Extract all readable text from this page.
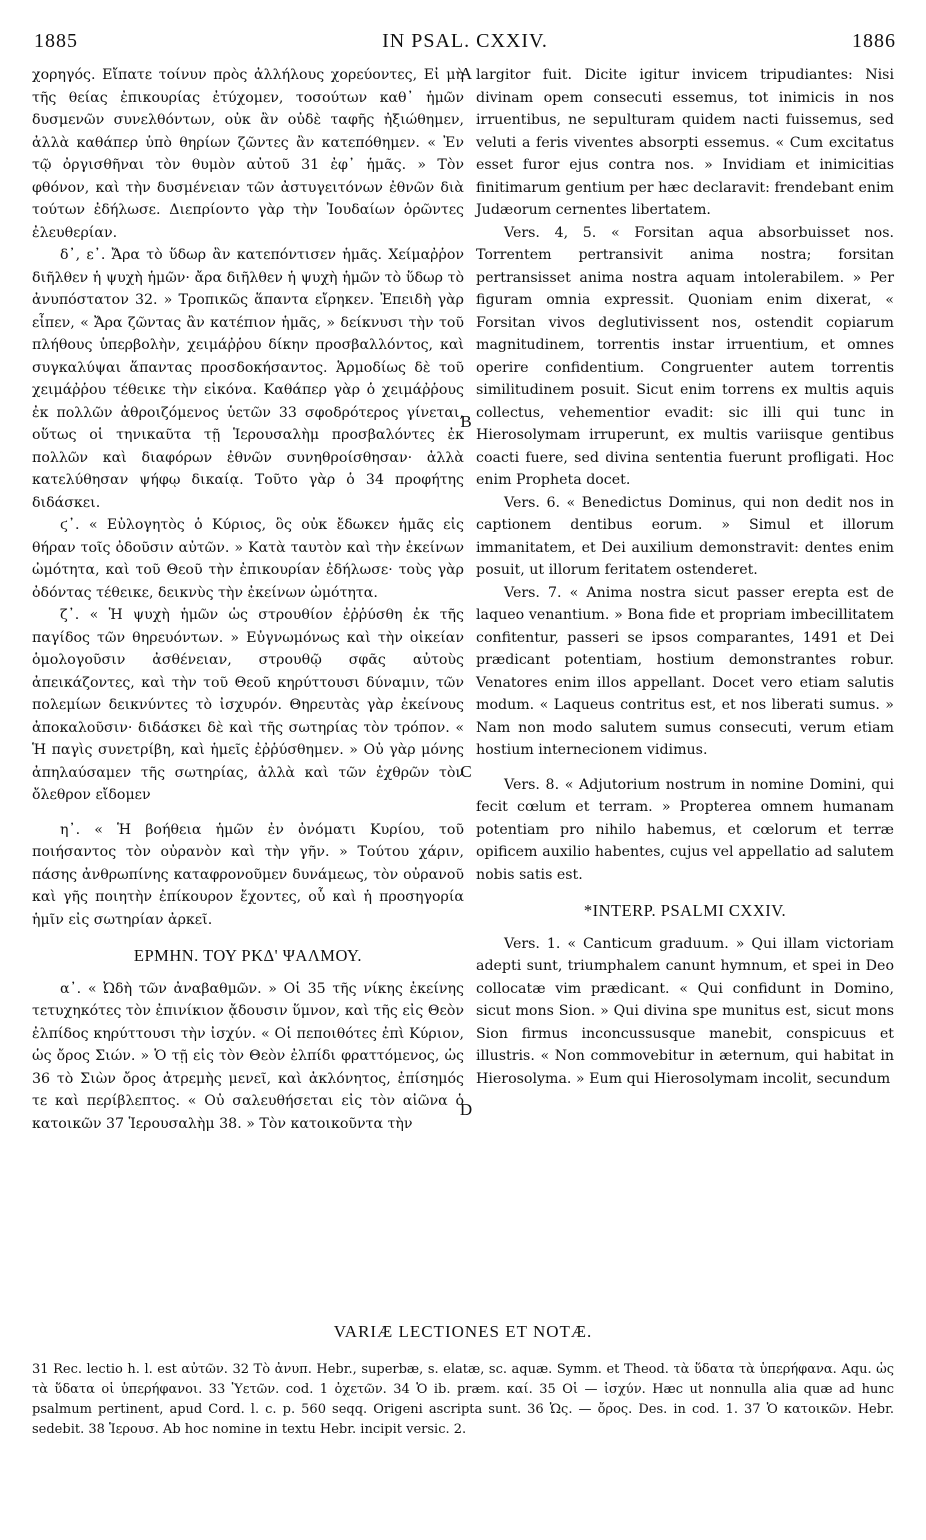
1885	IN PSAL. CXXIV.	1886
A
B
C
D

χορηγός. Εἴπατε τοίνυν πρὸς ἀλλήλους χορεύοντες, Εἰ μὴ τῆς θείας ἐπικουρίας ἐτύχομεν, τοσούτων καθ᾽ ἡμῶν δυσμενῶν συνελθόντων, οὐκ ἂν οὐδὲ ταφῆς ἠξιώθημεν, ἀλλὰ καθάπερ ὑπὸ θηρίων ζῶντες ἂν κατεπόθημεν. « Ἐν τῷ ὀργισθῆναι τὸν θυμὸν αὐτοῦ 31 ἐφ᾽ ἡμᾶς. » Τὸν φθόνον, καὶ τὴν δυσμένειαν τῶν ἀστυγειτόνων ἐθνῶν διὰ τούτων ἐδήλωσε. Διεπρίοντο γὰρ τὴν Ἰουδαίων ὁρῶντες ἐλευθερίαν.

δ᾽, ε᾽. Ἄρα τὸ ὕδωρ ἂν κατεπόντισεν ἡμᾶς. Χείμαῤῥον διῆλθεν ἡ ψυχὴ ἡμῶν· ἄρα διῆλθεν ἡ ψυχὴ ἡμῶν τὸ ὕδωρ τὸ ἀνυπόστατον 32. » Τροπικῶς ἅπαντα εἴρηκεν. Ἐπειδὴ γὰρ εἶπεν, « Ἄρα ζῶντας ἂν κατέπιον ἡμᾶς, » δείκνυσι τὴν τοῦ πλήθους ὑπερβολὴν, χειμάῤῥου δίκην προσβαλλόντος, καὶ συγκαλύψαι ἅπαντας προσδοκήσαντος. Ἁρμοδίως δὲ τοῦ χειμάῤῥου τέθεικε τὴν εἰκόνα. Καθάπερ γὰρ ὁ χειμάῤῥους ἐκ πολλῶν ἀθροιζόμενος ὑετῶν 33 σφοδρότερος γίνεται, οὕτως οἱ τηνικαῦτα τῇ Ἱερουσαλὴμ προσβαλόντες ἐκ πολλῶν καὶ διαφόρων ἐθνῶν συνηθροίσθησαν· ἀλλὰ κατελύθησαν ψήφῳ δικαίᾳ. Τοῦτο γὰρ ὁ 34 προφήτης διδάσκει.

ϛ᾽. « Εὐλογητὸς ὁ Κύριος, ὃς οὐκ ἔδωκεν ἡμᾶς εἰς θήραν τοῖς ὀδοῦσιν αὐτῶν. » Κατὰ ταυτὸν καὶ τὴν ἐκείνων ὠμότητα, καὶ τοῦ Θεοῦ τὴν ἐπικουρίαν ἐδήλωσε· τοὺς γὰρ ὀδόντας τέθεικε, δεικνὺς τὴν ἐκείνων ὠμότητα.

ζ᾽. « Ἡ ψυχὴ ἡμῶν ὡς στρουθίον ἐῤῥύσθη ἐκ τῆς παγίδος τῶν θηρευόντων. » Εὐγνωμόνως καὶ τὴν οἰκείαν ὁμολογοῦσιν ἀσθένειαν, στρουθῷ σφᾶς αὐτοὺς ἀπεικάζοντες, καὶ τὴν τοῦ Θεοῦ κηρύττουσι δύναμιν, τῶν πολεμίων δεικνύντες τὸ ἰσχυρόν. Θηρευτὰς γὰρ ἐκείνους ἀποκαλοῦσιν· διδάσκει δὲ καὶ τῆς σωτηρίας τὸν τρόπον. « Ἡ παγὶς συνετρίβη, καὶ ἡμεῖς ἐῤῥύσθημεν. » Οὐ γὰρ μόνης ἀπηλαύσαμεν τῆς σωτηρίας, ἀλλὰ καὶ τῶν ἐχθρῶν τὸν ὄλεθρον εἴδομεν

η᾽. « Ἡ βοήθεια ἡμῶν ἐν ὀνόματι Κυρίου, τοῦ ποιήσαντος τὸν οὐρανὸν καὶ τὴν γῆν. » Τούτου χάριν, πάσης ἀνθρωπίνης καταφρονοῦμεν δυνάμεως, τὸν οὐρανοῦ καὶ γῆς ποιητὴν ἐπίκουρον ἔχοντες, οὗ καὶ ἡ προσηγορία ἡμῖν εἰς σωτηρίαν ἀρκεῖ.

ΕΡΜΗΝ. ΤΟΥ ΡΚΔ' ΨΑΛΜΟΥ.

α᾽. « Ὠδὴ τῶν ἀναβαθμῶν. » Οἱ 35 τῆς νίκης ἐκείνης τετυχηκότες τὸν ἐπινίκιον ᾄδουσιν ὕμνον, καὶ τῆς εἰς Θεὸν ἐλπίδος κηρύττουσι τὴν ἰσχύν. « Οἱ πεποιθότες ἐπὶ Κύριον, ὡς ὄρος Σιών. » Ὁ τῇ εἰς τὸν Θεὸν ἐλπίδι φραττόμενος, ὡς 36 τὸ Σιὼν ὄρος ἀτρεμὴς μενεῖ, καὶ ἀκλόνητος, ἐπίσημός τε καὶ περίβλεπτος. « Οὐ σαλευθήσεται εἰς τὸν αἰῶνα ὁ κατοικῶν 37 Ἱερουσαλὴμ 38. » Τὸν κατοικοῦντα τὴν

largitor fuit. Dicite igitur invicem tripudiantes: Nisi divinam opem consecuti essemus, tot inimicis in nos irruentibus, ne sepulturam quidem nacti fuissemus, sed veluti a feris viventes absorpti essemus. « Cum excitatus esset furor ejus contra nos. » Invidiam et inimicitias finitimarum gentium per hæc declaravit: frendebant enim Judæorum cernentes libertatem.

Vers. 4, 5. « Forsitan aqua absorbuisset nos. Torrentem pertransivit anima nostra; forsitan pertransisset anima nostra aquam intolerabilem. » Per figuram omnia expressit. Quoniam enim dixerat, « Forsitan vivos deglutivissent nos, ostendit copiarum magnitudinem, torrentis instar irruentium, et omnes operire confidentium. Congruenter autem torrentis similitudinem posuit. Sicut enim torrens ex multis aquis collectus, vehementior evadit: sic illi qui tunc in Hierosolymam irruperunt, ex multis variisque gentibus coacti fuere, sed divina sententia fuerunt profligati. Hoc enim Propheta docet.

Vers. 6. « Benedictus Dominus, qui non dedit nos in captionem dentibus eorum. » Simul et illorum immanitatem, et Dei auxilium demonstravit: dentes enim posuit, ut illorum feritatem ostenderet.

Vers. 7. « Anima nostra sicut passer erepta est de laqueo venantium. » Bona fide et propriam imbecillitatem confitentur, passeri se ipsos comparantes, 1491 et Dei prædicant potentiam, hostium demonstrantes robur. Venatores enim illos appellant. Docet vero etiam salutis modum. « Laqueus contritus est, et nos liberati sumus. » Nam non modo salutem sumus consecuti, verum etiam hostium internecionem vidimus.

Vers. 8. « Adjutorium nostrum in nomine Domini, qui fecit cœlum et terram. » Propterea omnem humanam potentiam pro nihilo habemus, et cœlorum et terræ opificem auxilio habentes, cujus vel appellatio ad salutem nobis satis est.

*INTERP. PSALMI CXXIV.

Vers. 1. « Canticum graduum. » Qui illam victoriam adepti sunt, triumphalem canunt hymnum, et spei in Deo collocatæ vim prædicant. « Qui confidunt in Domino, sicut mons Sion. » Qui divina spe munitus est, sicut mons Sion firmus inconcussusque manebit, conspicuus et illustris. « Non commovebitur in æternum, qui habitat in Hierosolyma. » Eum qui Hierosolymam incolit, secundum

VARIÆ LECTIONES ET NOTÆ.

31 Rec. lectio h. l. est αὐτῶν. 32 Τὸ ἀνυπ. Hebr., superbæ, s. elatæ, sc. aquæ. Symm. et Theod. τὰ ὕδατα τὰ ὑπερήφανα. Aqu. ὡς τὰ ὕδατα οἱ ὑπερήφανοι. 33 Ὑετῶν. cod. 1 ὀχετῶν. 34 Ὁ ib. præm. καί. 35 Οἱ — ἰσχύν. Hæc ut nonnulla alia quæ ad hunc psalmum pertinent, apud Cord. l. c. p. 560 seqq. Origeni ascripta sunt. 36 Ὡς. — ὄρος. Des. in cod. 1. 37 Ὁ κατοικῶν. Hebr. sedebit. 38 Ἱερουσ. Ab hoc nomine in textu Hebr. incipit versic. 2.
